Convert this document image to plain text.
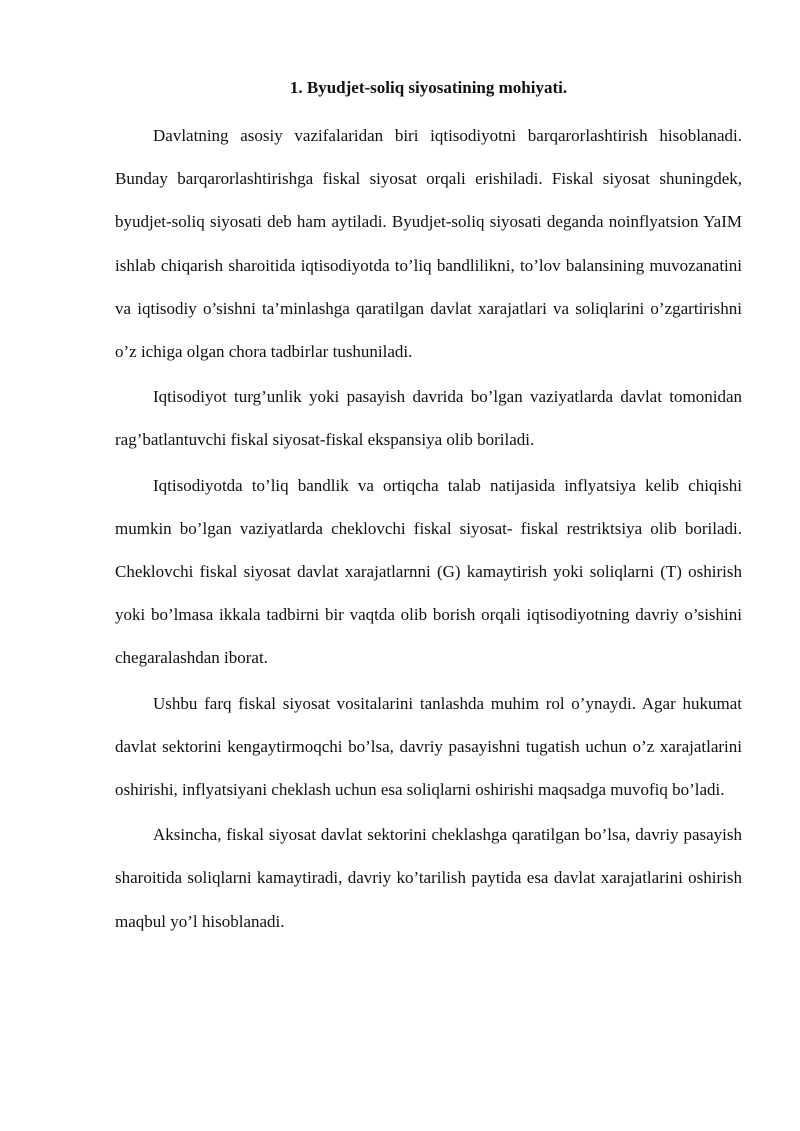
1. Byudjet-soliq siyosatining mohiyati.

Davlatning asosiy vazifalaridan biri iqtisodiyotni barqarorlashtirish hisoblanadi. Bunday barqarorlashtirishga fiskal siyosat orqali erishiladi. Fiskal siyosat shuningdek, byudjet-soliq siyosati deb ham aytiladi. Byudjet-soliq siyosati deganda noinflyatsion YaIM ishlab chiqarish sharoitida iqtisodiyotda to’liq bandlilikni, to’lov balansining muvozanatini va iqtisodiy o’sishni ta’minlashga qaratilgan davlat xarajatlari va soliqlarini o’zgartirishni o’z ichiga olgan chora tadbirlar tushuniladi.

Iqtisodiyot turg’unlik yoki pasayish davrida bo’lgan vaziyatlarda davlat tomonidan rag’batlantuvchi fiskal siyosat-fiskal ekspansiya olib boriladi.

Iqtisodiyotda to’liq bandlik va ortiqcha talab natijasida inflyatsiya kelib chiqishi mumkin bo’lgan vaziyatlarda cheklovchi fiskal siyosat- fiskal restriktsiya olib boriladi. Cheklovchi fiskal siyosat davlat xarajatlarnni (G) kamaytirish yoki soliqlarni (T) oshirish yoki bo’lmasa ikkala tadbirni bir vaqtda olib borish orqali iqtisodiyotning davriy o’sishini chegaralashdan iborat.

Ushbu farq fiskal siyosat vositalarini tanlashda muhim rol o’ynaydi. Agar hukumat davlat sektorini kengaytirmoqchi bo’lsa, davriy pasayishni tugatish uchun o’z xarajatlarini oshirishi, inflyatsiyani cheklash uchun esa soliqlarni oshirishi maqsadga muvofiq bo’ladi.

Aksincha, fiskal siyosat davlat sektorini cheklashga qaratilgan bo’lsa, davriy pasayish sharoitida soliqlarni kamaytiradi, davriy ko’tarilish paytida esa davlat xarajatlarini oshirish maqbul yo’l hisoblanadi.
